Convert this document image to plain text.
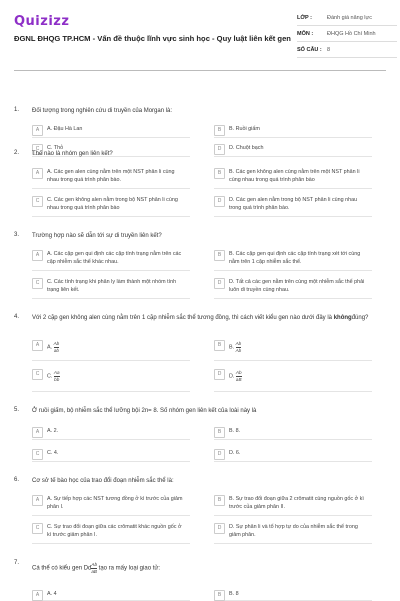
Quizizz
ĐGNL ĐHQG TP.HCM - Vấn đề thuộc lĩnh vực sinh học - Quy luật liên kết gen
LỚP :	Đánh giá năng lực
MÔN :	ĐHQG Hồ Chí Minh
SỐ CÂU : 8
1. Đối tượng trong nghiên cứu di truyền của Morgan là:
A	A. Đậu Hà Lan	B	B. Ruồi giấm
C	C. Thỏ	D	D. Chuột bạch
2. Thế nào là nhóm gen liên kết?
A	A. Các gen alen cùng nằm trên một NST phân li cùng nhau trong quá trình phân bào.
B	B. Các gen không alen cùng nằm trên một NST phân li cùng nhau trong quá trình phân bào
C	C. Các gen không alen nằm trong bộ NST phân li cùng nhau trong quá trình phân bào
D	D. Các gen alen nằm trong bộ NST phân li cùng nhau trong quá trình phân bào.
3. Trường hợp nào sẽ dẫn tới sự di truyền liên kết?
A	A. Các cặp gen qui định các cặp tính trạng nằm trên các cặp nhiễm sắc thể khác nhau.
B	B. Các cặp gen qui định các cặp tính trạng xét tới cùng nằm trên 1 cặp nhiễm sắc thể.
C	C. Các tính trạng khi phân ly làm thành một nhóm tính trạng liên kết.
D	D. Tất cả các gen nằm trên cùng một nhiễm sắc thể phải luôn di truyền cùng nhau.
4. Với 2 cặp gen không alen cùng nằm trên 1 cặp nhiễm sắc thể tương đồng, thì cách viết kiểu gen nào dưới đây là khôngđúng?
A	A. $\frac{Ab}{ab}$	B	B. $\frac{Ab}{Ab}$
C	C. $\frac{Aa}{bb}$	D	D. $\frac{Ab}{aB}$
5. Ở ruồi giấm, bộ nhiễm sắc thể lưỡng bội 2n= 8. Số nhóm gen liên kết của loài này là
A	A. 2.	B	B. 8.
C	C. 4.	D	D. 6.
6. Cơ sở tế bào học của trao đổi đoạn nhiễm sắc thể là:
A	A. Sự tiếp hợp các NST tương đồng ở kì trước của giảm phân I.
B	B. Sự trao đổi đoạn giữa 2 crômatit cùng nguồn gốc ở kì trước của giảm phân II.
C	C. Sự trao đổi đoạn giữa các crômatit khác nguồn gốc ở kì trước giảm phân I.
D	D. Sự phân li và tổ hợp tự do của nhiễm sắc thể trong giảm phân.
7.
Cá thể có kiểu gen Dd $\frac{Ab}{aB}$ tạo ra mấy loại giao tử:
A	A. 4	B	B. 8
